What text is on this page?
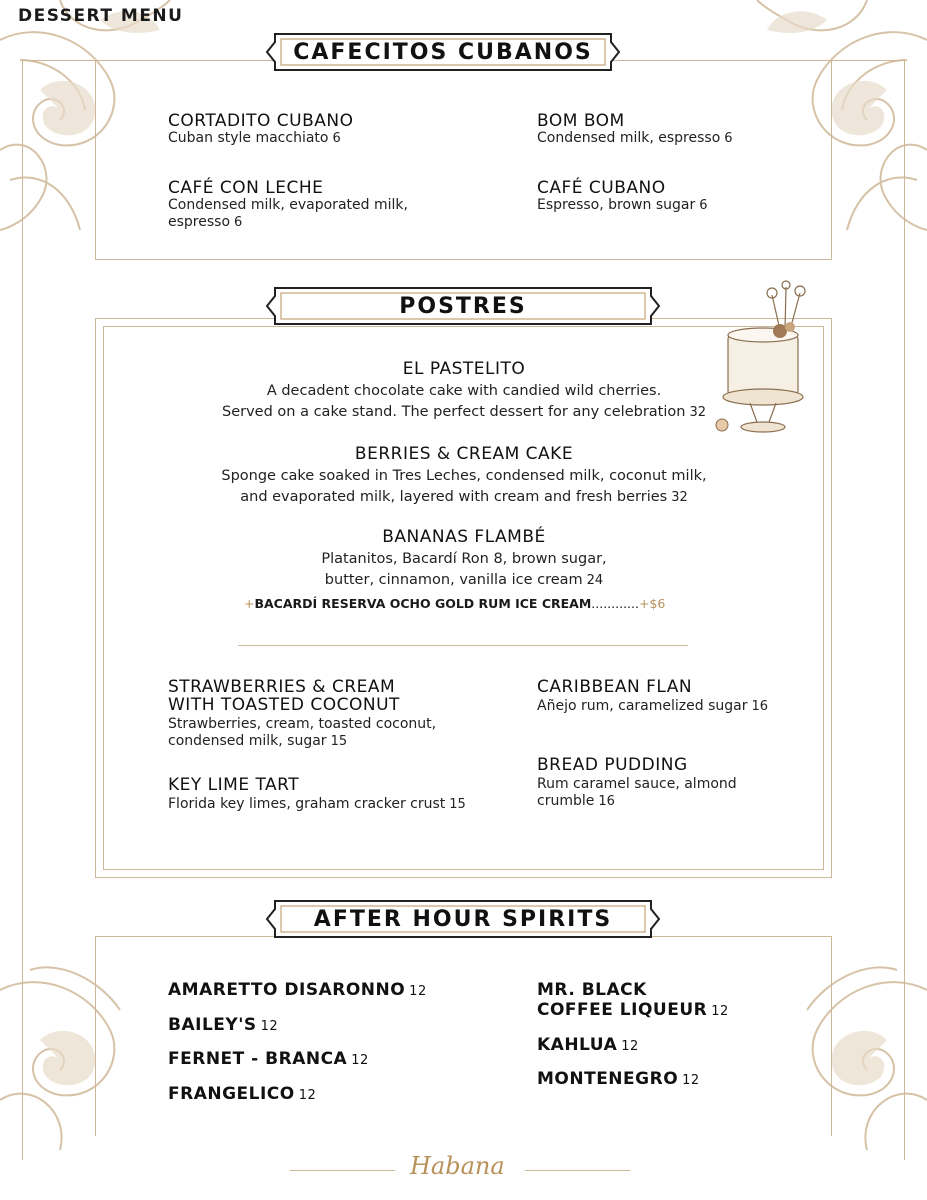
DESSERT MENU
CAFECITOS CUBANOS
POSTRES
AFTER HOUR SPIRITS
CORTADITO CUBANO
Cuban style macchiato 6
BOM BOM
Condensed milk, espresso 6
CAFÉ CON LECHE
Condensed milk, evaporated milk,
espresso 6
CAFÉ CUBANO
Espresso, brown sugar 6
EL PASTELITO
A decadent chocolate cake with candied wild cherries.
Served on a cake stand. The perfect dessert for any celebration 32
BERRIES & CREAM CAKE
Sponge cake soaked in Tres Leches, condensed milk, coconut milk,
and evaporated milk, layered with cream and fresh berries 32
BANANAS FLAMBÉ
Platanitos, Bacardí Ron 8, brown sugar,
butter, cinnamon, vanilla ice cream 24
+BACARDÍ RESERVA OCHO GOLD RUM ICE CREAM............+$6
STRAWBERRIES & CREAM
WITH TOASTED COCONUT
Strawberries, cream, toasted coconut,
condensed milk, sugar 15
CARIBBEAN FLAN
Añejo rum, caramelized sugar 16
KEY LIME TART
Florida key limes, graham cracker crust 15
BREAD PUDDING
Rum caramel sauce, almond
crumble 16
AMARETTO DISARONNO 12
BAILEY'S 12
FERNET - BRANCA 12
FRANGELICO 12
MR. BLACK
COFFEE LIQUEUR 12
KAHLUA 12
MONTENEGRO 12
Habana
